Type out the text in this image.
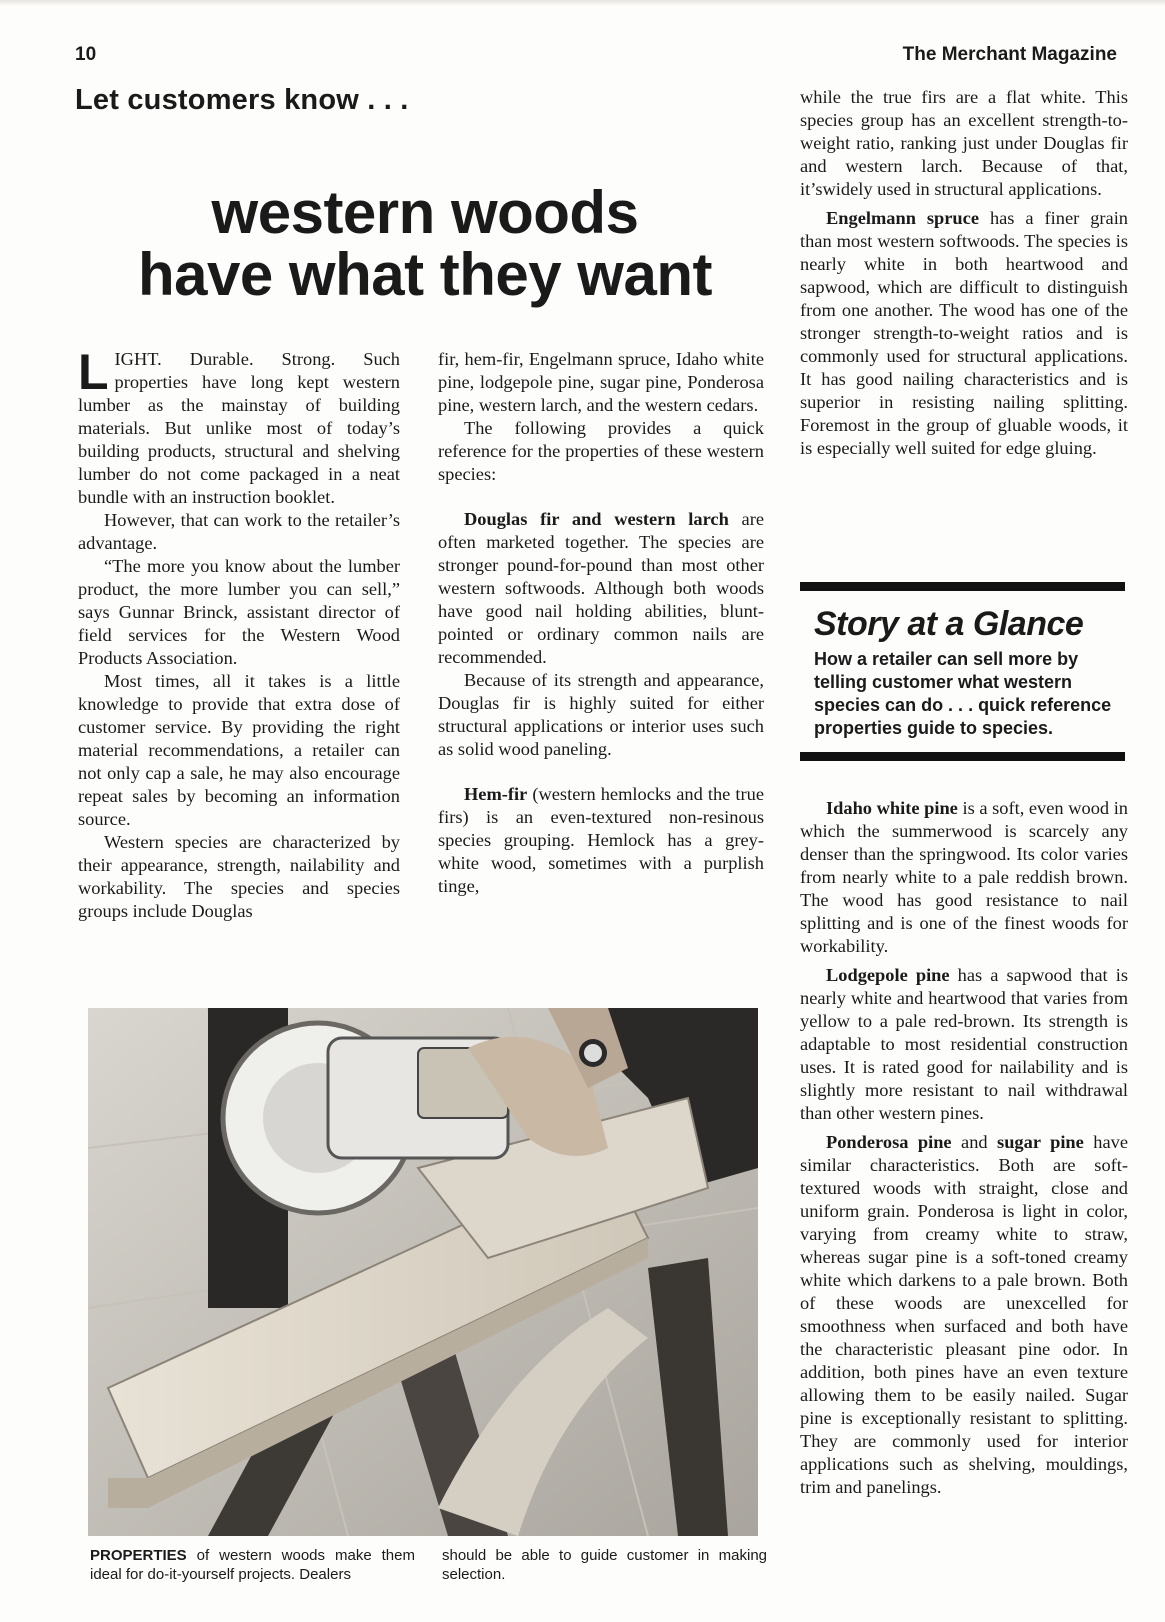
10	The Merchant Magazine
Let customers know . . .
western woods
have what they want

LIGHT. Durable. Strong. Such properties have long kept western lumber as the mainstay of building materials. But unlike most of today’s building products, structural and shelving lumber do not come packaged in a neat bundle with an instruction booklet.

However, that can work to the retailer’s advantage.

“The more you know about the lumber product, the more lumber you can sell,” says Gunnar Brinck, assistant director of field services for the Western Wood Products Association.

Most times, all it takes is a little knowledge to provide that extra dose of customer service. By providing the right material recommendations, a retailer can not only cap a sale, he may also encourage repeat sales by becoming an information source.

Western species are characterized by their appearance, strength, nailability and workability. The species and species groups include Douglas

fir, hem-fir, Engelmann spruce, Idaho white pine, lodgepole pine, sugar pine, Ponderosa pine, western larch, and the western cedars.

The following provides a quick reference for the properties of these western species:

Douglas fir and western larch are often marketed together. The species are stronger pound-for-pound than most other western softwoods. Although both woods have good nail holding abilities, blunt-pointed or ordinary common nails are recommended.

Because of its strength and appearance, Douglas fir is highly suited for either structural applications or interior uses such as solid wood paneling.

Hem-fir (western hemlocks and the true firs) is an even-textured non-resinous species grouping. Hemlock has a grey-white wood, sometimes with a purplish tinge,

while the true firs are a flat white. This species group has an excellent strength-to-weight ratio, ranking just under Douglas fir and western larch. Because of that, it’swidely used in structural applications.

Engelmann spruce has a finer grain than most western softwoods. The species is nearly white in both heartwood and sapwood, which are difficult to distinguish from one another. The wood has one of the stronger strength-to-weight ratios and is commonly used for structural applications. It has good nailing characteristics and is superior in resisting nailing splitting. Foremost in the group of gluable woods, it is especially well suited for edge gluing.

Story at a Glance
How a retailer can sell more by telling customer what western species can do . . . quick reference properties guide to species.

Idaho white pine is a soft, even wood in which the summerwood is scarcely any denser than the springwood. Its color varies from nearly white to a pale reddish brown. The wood has good resistance to nail splitting and is one of the finest woods for workability.

Lodgepole pine has a sapwood that is nearly white and heartwood that varies from yellow to a pale red-brown. Its strength is adaptable to most residential construction uses. It is rated good for nailability and is slightly more resistant to nail withdrawal than other western pines.

Ponderosa pine and sugar pine have similar characteristics. Both are soft-textured woods with straight, close and uniform grain. Ponderosa is light in color, varying from creamy white to straw, whereas sugar pine is a soft-toned creamy white which darkens to a pale brown. Both of these woods are unexcelled for smoothness when surfaced and both have the characteristic pleasant pine odor. In addition, both pines have an even texture allowing them to be easily nailed. Sugar pine is exceptionally resistant to splitting. They are commonly used for interior applications such as shelving, mouldings, trim and panelings.

PROPERTIES of western woods make them ideal for do-it-yourself projects. Dealers
should be able to guide customer in making selection.
